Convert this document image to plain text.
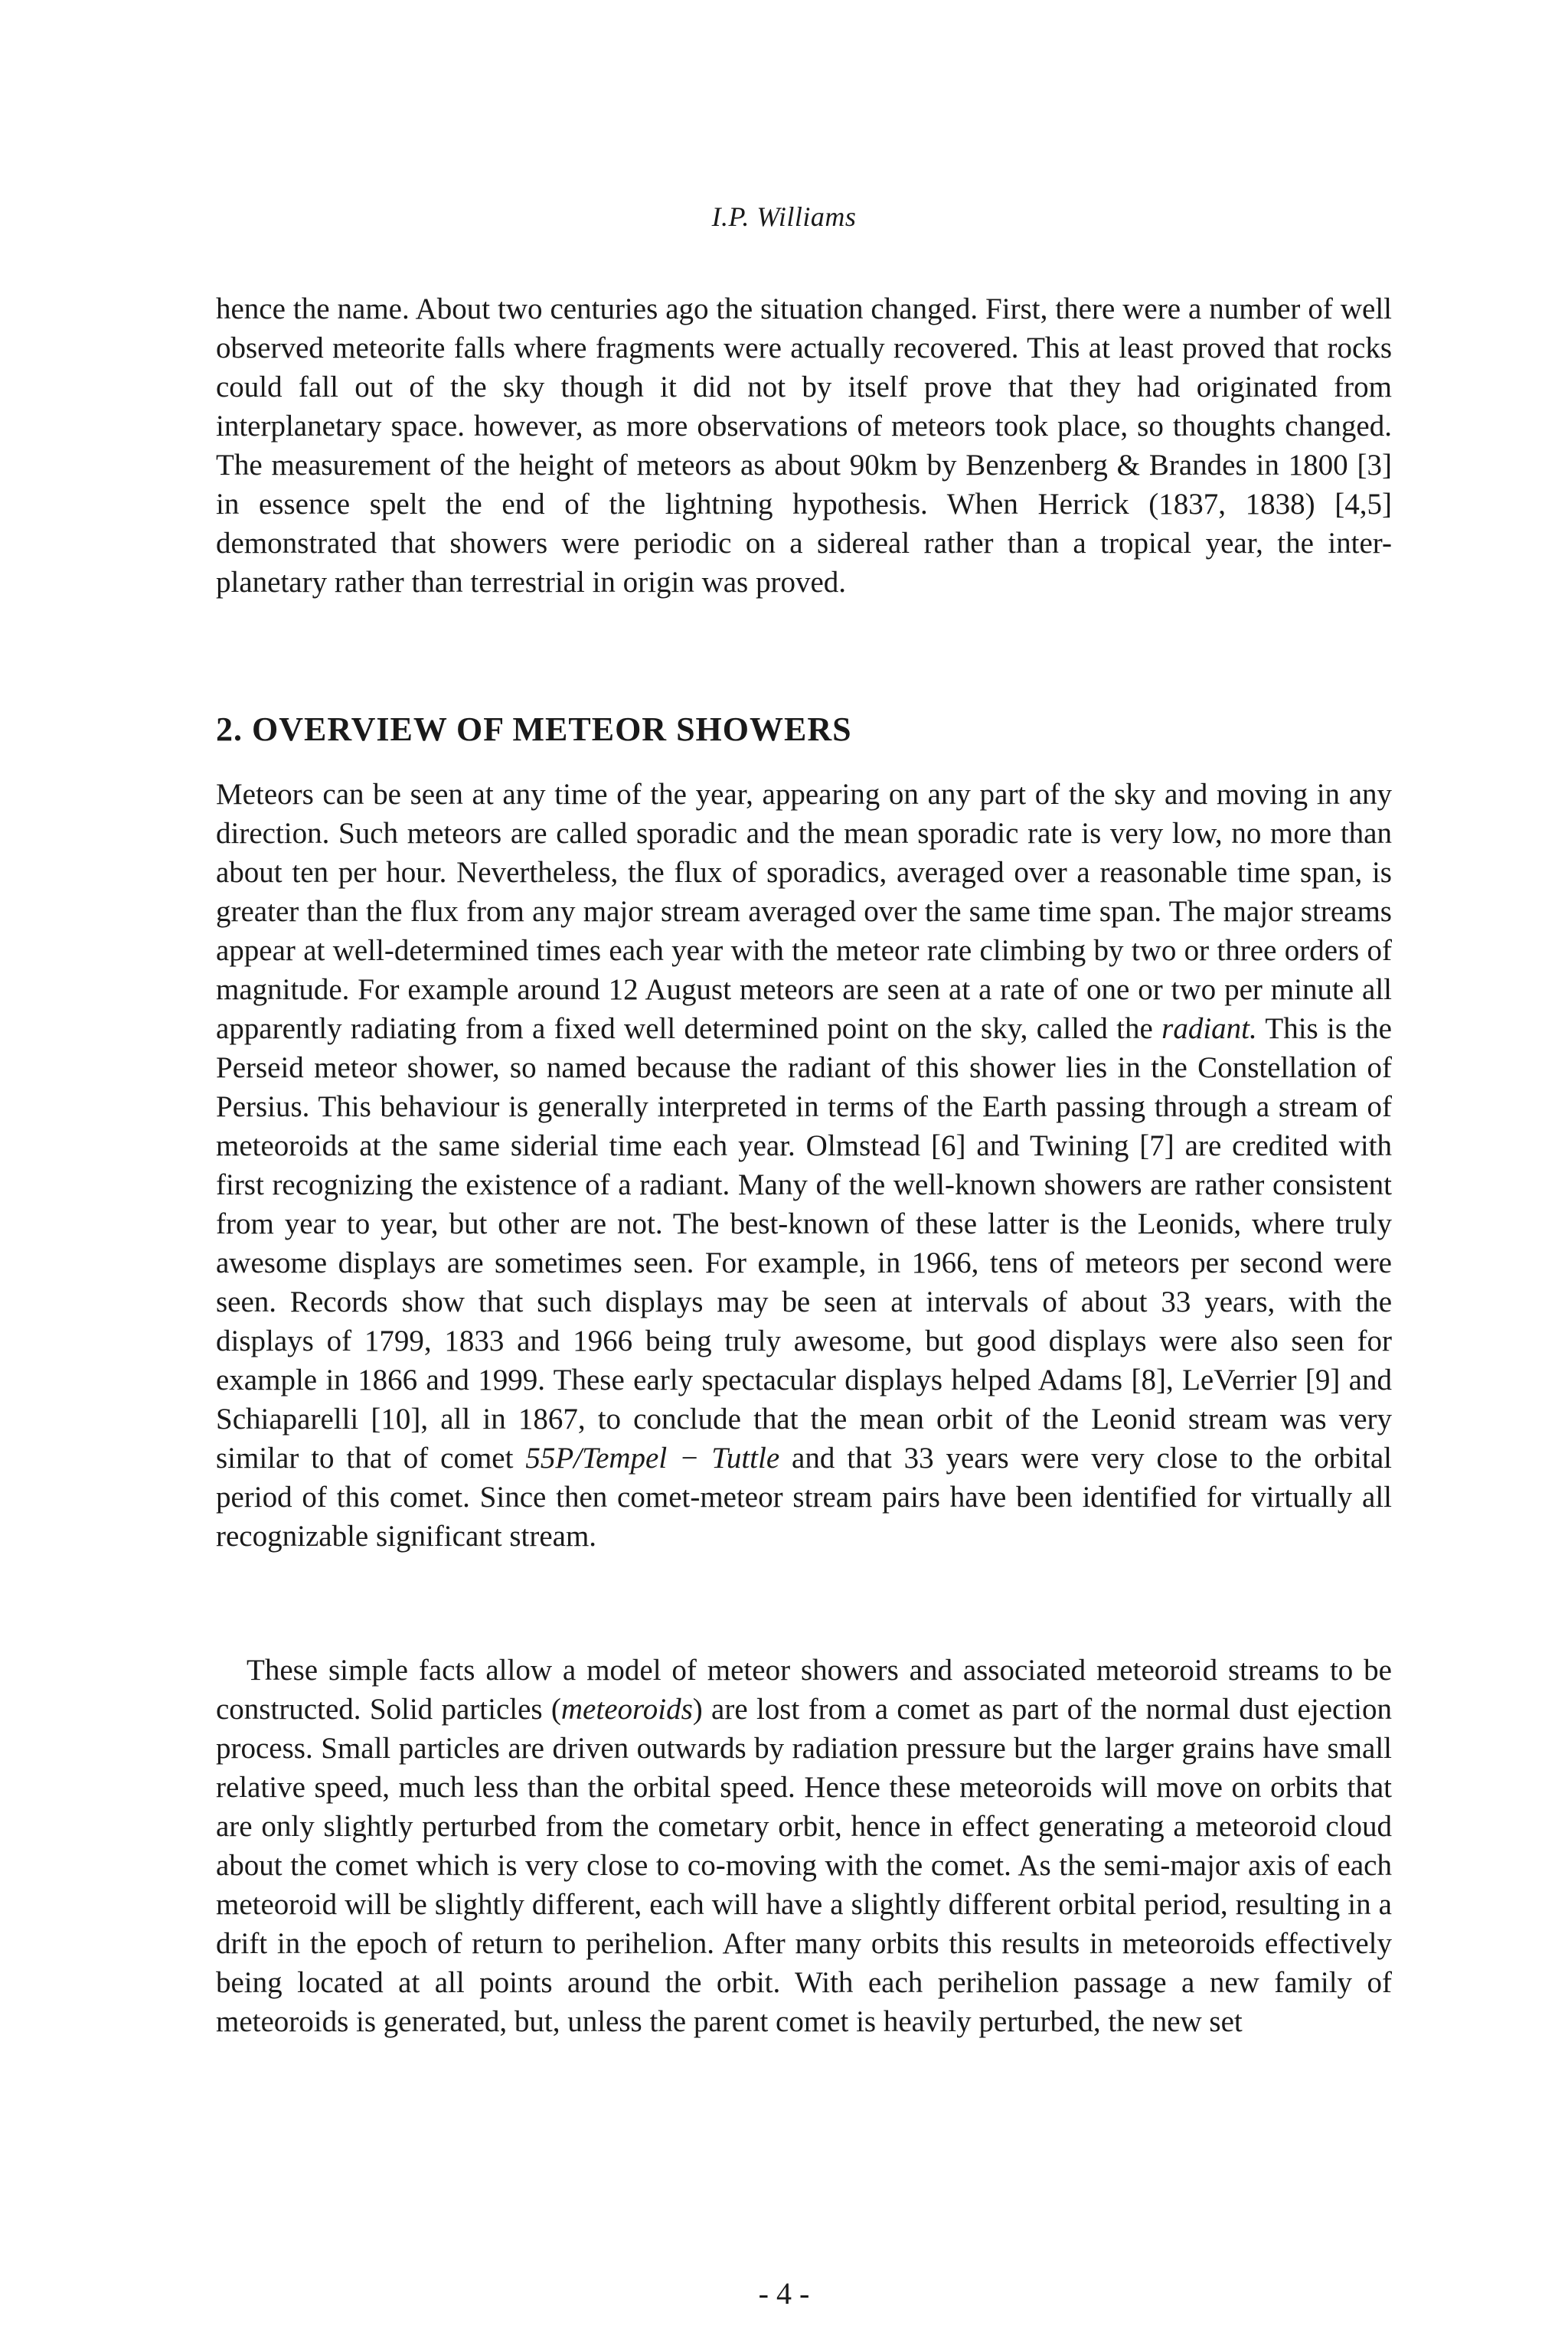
I.P. Williams

hence the name. About two centuries ago the situation changed. First, there were a number of well observed meteorite falls where fragments were actually recovered. This at least proved that rocks could fall out of the sky though it did not by itself prove that they had originated from interplanetary space. however, as more observations of meteors took place, so thoughts changed. The measurement of the height of meteors as about 90km by Benzenberg & Brandes in 1800 [3] in essence spelt the end of the lightning hypothesis. When Herrick (1837, 1838) [4,5] demonstrated that showers were periodic on a sidereal rather than a tropical year, the inter-planetary rather than terrestrial in origin was proved.

2. OVERVIEW OF METEOR SHOWERS

Meteors can be seen at any time of the year, appearing on any part of the sky and moving in any direction. Such meteors are called sporadic and the mean sporadic rate is very low, no more than about ten per hour. Nevertheless, the flux of sporadics, averaged over a reasonable time span, is greater than the flux from any major stream averaged over the same time span. The major streams appear at well-determined times each year with the meteor rate climbing by two or three orders of magnitude. For example around 12 August meteors are seen at a rate of one or two per minute all apparently radiating from a fixed well determined point on the sky, called the radiant. This is the Perseid meteor shower, so named because the radiant of this shower lies in the Constellation of Persius. This behaviour is generally interpreted in terms of the Earth passing through a stream of meteoroids at the same siderial time each year. Olmstead [6] and Twining [7] are credited with first recognizing the existence of a radiant. Many of the well-known showers are rather consistent from year to year, but other are not. The best-known of these latter is the Leonids, where truly awesome displays are sometimes seen. For example, in 1966, tens of meteors per second were seen. Records show that such displays may be seen at intervals of about 33 years, with the displays of 1799, 1833 and 1966 being truly awesome, but good displays were also seen for example in 1866 and 1999. These early spectacular displays helped Adams [8], LeVerrier [9] and Schiaparelli [10], all in 1867, to conclude that the mean orbit of the Leonid stream was very similar to that of comet 55P/Tempel − Tuttle and that 33 years were very close to the orbital period of this comet. Since then comet-meteor stream pairs have been identified for virtually all recognizable significant stream.

These simple facts allow a model of meteor showers and associated meteoroid streams to be constructed. Solid particles (meteoroids) are lost from a comet as part of the normal dust ejection process. Small particles are driven outwards by radiation pressure but the larger grains have small relative speed, much less than the orbital speed. Hence these meteoroids will move on orbits that are only slightly perturbed from the cometary orbit, hence in effect generating a meteoroid cloud about the comet which is very close to co-moving with the comet. As the semi-major axis of each meteoroid will be slightly different, each will have a slightly different orbital period, resulting in a drift in the epoch of return to perihelion. After many orbits this results in meteoroids effectively being located at all points around the orbit. With each perihelion passage a new family of meteoroids is generated, but, unless the parent comet is heavily perturbed, the new set

- 4 -
